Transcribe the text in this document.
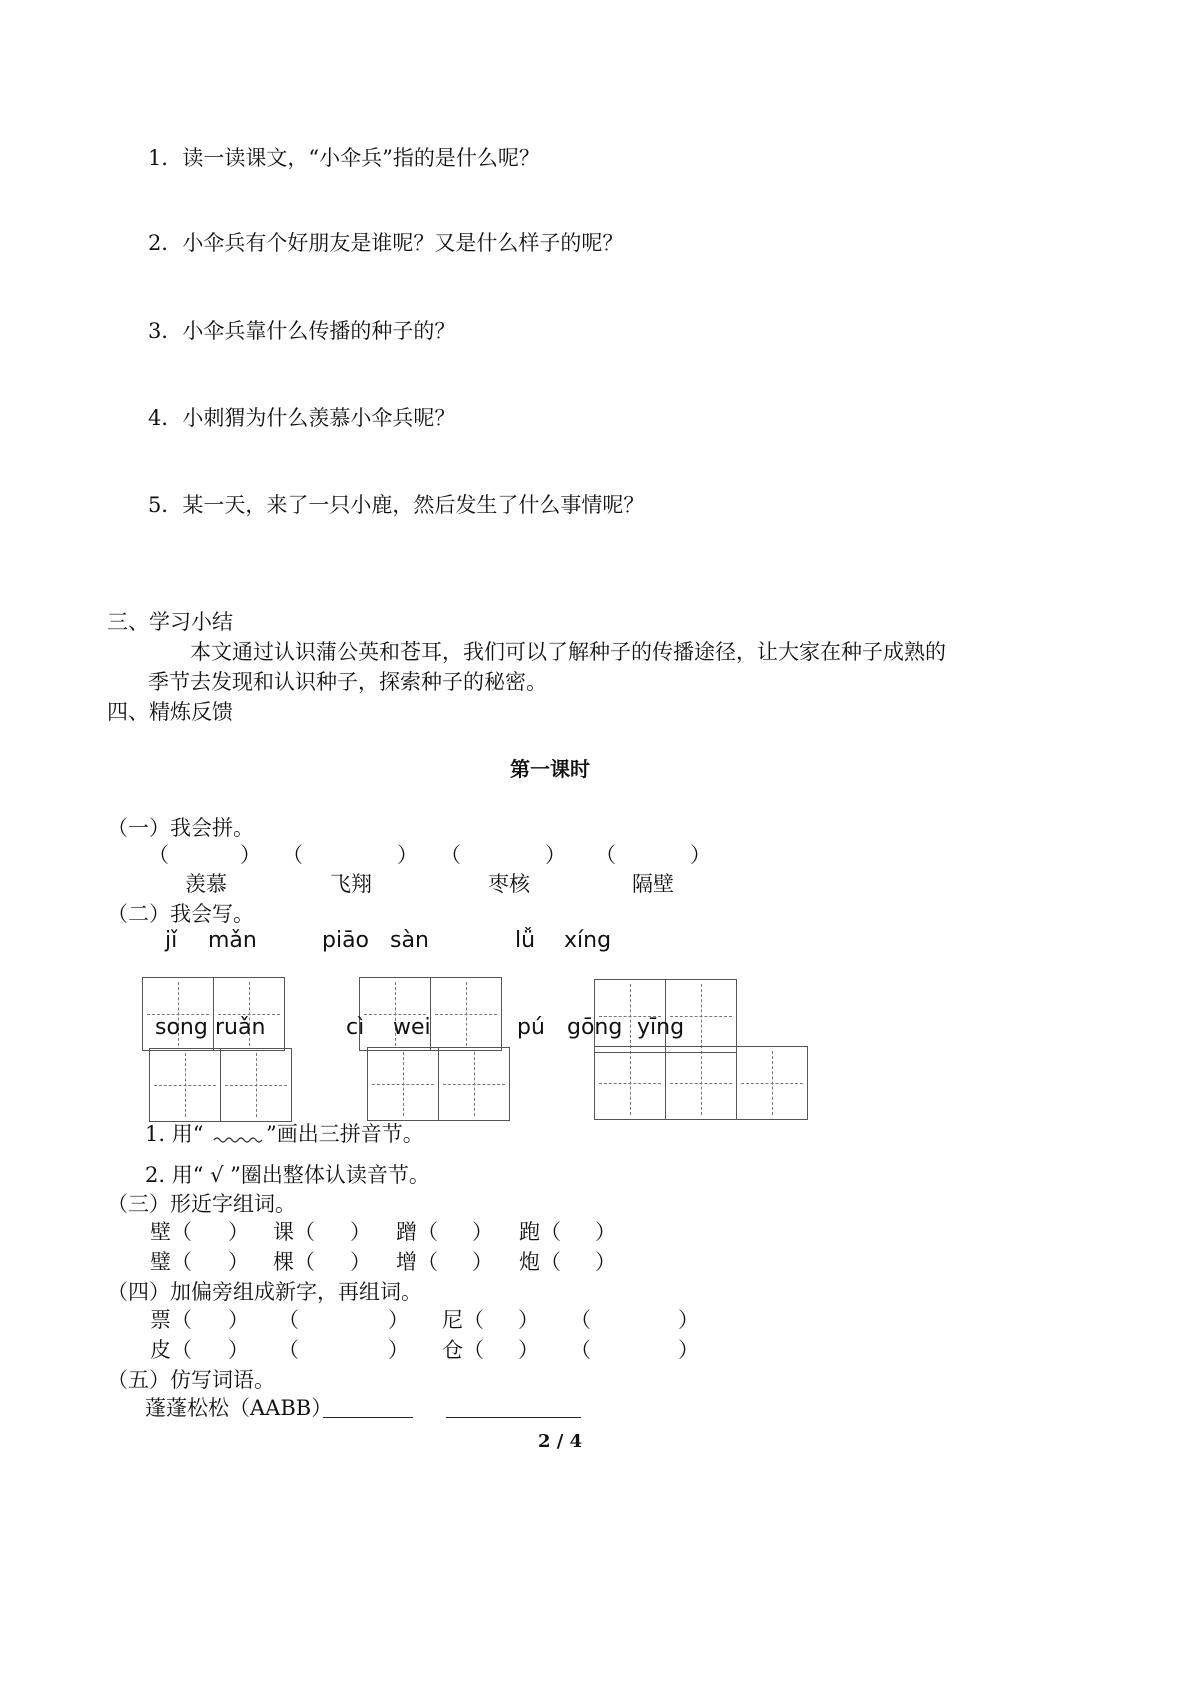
1．读一读课文，“小伞兵”指的是什么呢？
2．小伞兵有个好朋友是谁呢？又是什么样子的呢？
3．小伞兵靠什么传播的种子的？
4．小刺猬为什么羡慕小伞兵呢？
5．某一天，来了一只小鹿，然后发生了什么事情呢？
三、学习小结
本文通过认识蒲公英和苍耳，我们可以了解种子的传播途径，让大家在种子成熟的
季节去发现和认识种子，探索种子的秘密。
四、精炼反馈
第一课时
（一）我会拼。
（	） （	） （	） （	）
羡慕	飞翔	枣核	隔壁
（二）我会写。
jǐ mǎn	piāo sàn	lǚ xíng
song ruǎn	cì wei	pú gōng yīng
1. 用“	”画出三拼音节。
2. 用“ √ ”圈出整体认读音节。
（三）形近字组词。
壁（ ） 课（ ） 蹭（ ） 跑（ ）
璧（ ） 棵（ ） 增（ ） 炮（ ）
（四）加偏旁组成新字，再组词。
票（ ） （	） 尼（ ） （	）
皮（ ） （	） 仓（ ） （	）
（五）仿写词语。
蓬蓬松松（AABB）
2 / 4
